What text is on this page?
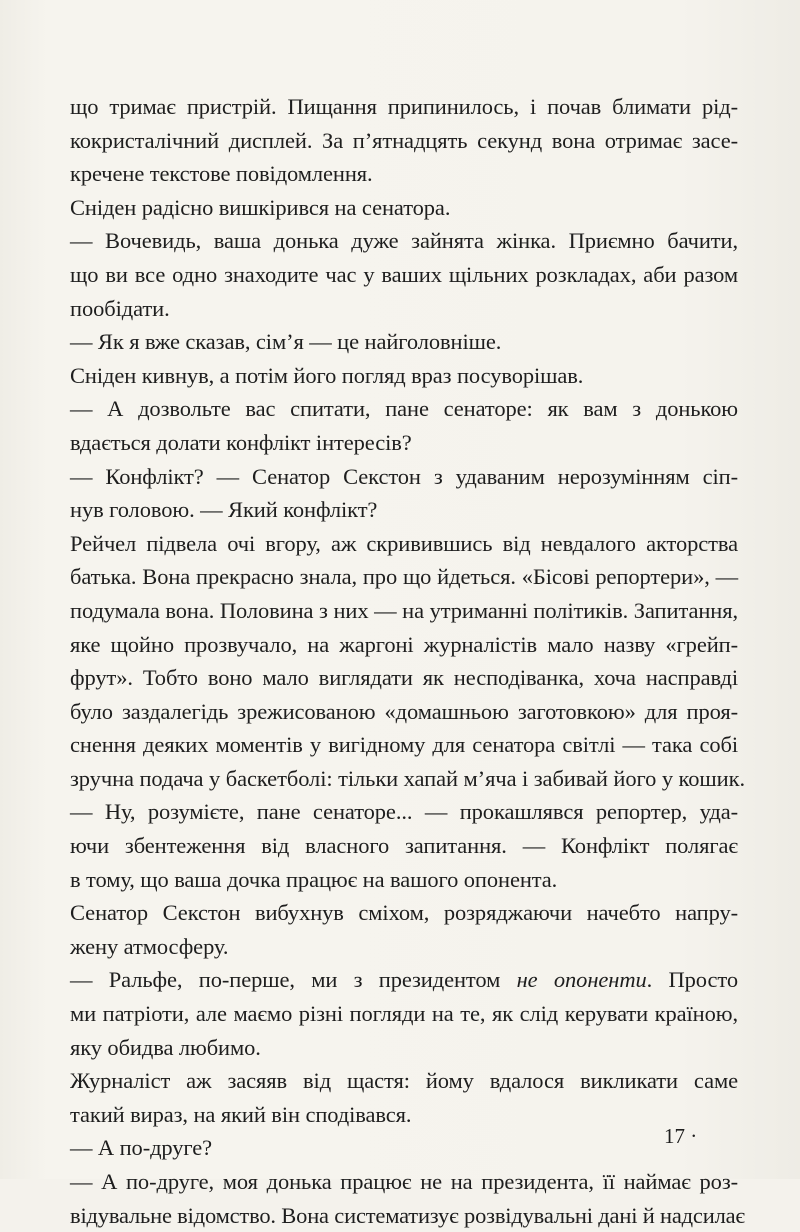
що тримає пристрій. Пищання припинилось, і почав блимати рід-
кокристалічний дисплей. За п’ятнадцять секунд вона отримає засе-
кречене текстове повідомлення.
Сніден радісно вишкірився на сенатора.
— Вочевидь, ваша донька дуже зайнята жінка. Приємно бачити,
що ви все одно знаходите час у ваших щільних розкладах, аби разом
пообідати.
— Як я вже сказав, сім’я — це найголовніше.
Сніден кивнув, а потім його погляд враз посуворішав.
— А дозвольте вас спитати, пане сенаторе: як вам з донькою
вдається долати конфлікт інтересів?
— Конфлікт? — Сенатор Секстон з удаваним нерозумінням сіп-
нув головою. — Який конфлікт?
Рейчел підвела очі вгору, аж скривившись від невдалого акторства
батька. Вона прекрасно знала, про що йдеться. «Бісові репортери», —
подумала вона. Половина з них — на утриманні політиків. Запитання,
яке щойно прозвучало, на жаргоні журналістів мало назву «грейп-
фрут». Тобто воно мало виглядати як несподіванка, хоча насправді
було заздалегідь зрежисованою «домашньою заготовкою» для проя-
снення деяких моментів у вигідному для сенатора світлі — така собі
зручна подача у баскетболі: тільки хапай м’яча і забивай його у кошик.
— Ну, розумієте, пане сенаторе... — прокашлявся репортер, уда-
ючи збентеження від власного запитання. — Конфлікт полягає
в тому, що ваша дочка працює на вашого опонента.
Сенатор Секстон вибухнув сміхом, розряджаючи начебто напру-
жену атмосферу.
— Ральфе, по-перше, ми з президентом не опоненти. Просто
ми патріоти, але маємо різні погляди на те, як слід керувати країною,
яку обидва любимо.
Журналіст аж засяяв від щастя: йому вдалося викликати саме
такий вираз, на який він сподівався.
— А по-друге?
— А по-друге, моя донька працює не на президента, її наймає роз-
відувальне відомство. Вона систематизує розвідувальні дані й надсилає
17 ·
